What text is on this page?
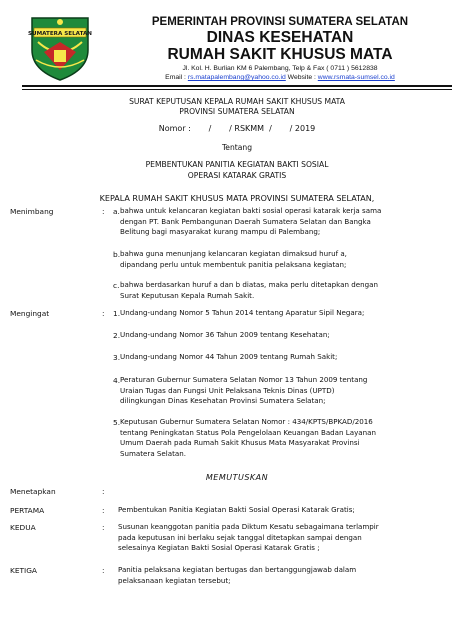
SUMATERA SELATAN
PEMERINTAH PROVINSI SUMATERA SELATAN
DINAS KESEHATAN
RUMAH SAKIT KHUSUS MATA
Jl. Kol. H. Burlian KM 6 Palembang, Telp & Fax ( 0711 ) 5612838
Email : rs.matapalembang@yahoo.co.id Website : www.rsmata-sumsel.co.id
SURAT KEPUTUSAN KEPALA RUMAH SAKIT KHUSUS MATA
PROVINSI SUMATERA SELATAN
Nomor :       /       / RSKMM  /       / 2019
Tentang
PEMBENTUKAN PANITIA KEGIATAN BAKTI SOSIAL
OPERASI KATARAK GRATIS
KEPALA RUMAH SAKIT KHUSUS MATA PROVINSI SUMATERA SELATAN,
Menimbang	: a. bahwa untuk kelancaran kegiatan bakti sosial operasi katarak kerja sama
dengan PT. Bank Pembangunan Daerah Sumatera Selatan dan Bangka
Belitung bagi masyarakat kurang mampu di Palembang;
b. bahwa guna menunjang kelancaran kegiatan dimaksud huruf a,
dipandang perlu untuk membentuk panitia pelaksana kegiatan;
c. bahwa berdasarkan huruf a dan b diatas, maka perlu ditetapkan dengan
Surat Keputusan Kepala Rumah Sakit.
Mengingat	: 1. Undang-undang Nomor 5 Tahun 2014 tentang Aparatur Sipil Negara;
2. Undang-undang Nomor 36 Tahun 2009 tentang Kesehatan;
3. Undang-undang Nomor 44 Tahun 2009 tentang Rumah Sakit;
4. Peraturan Gubernur Sumatera Selatan Nomor 13 Tahun 2009 tentang
Uraian Tugas dan Fungsi Unit Pelaksana Teknis Dinas (UPTD)
dilingkungan Dinas Kesehatan Provinsi Sumatera Selatan;
5. Keputusan Gubernur Sumatera Selatan Nomor : 434/KPTS/BPKAD/2016
tentang Peningkatan Status Pola Pengelolaan Keuangan Badan Layanan
Umum Daerah pada Rumah Sakit Khusus Mata Masyarakat Provinsi
Sumatera Selatan.
MEMUTUSKAN
Menetapkan	:
PERTAMA	: Pembentukan Panitia Kegiatan Bakti Sosial Operasi Katarak Gratis;
KEDUA	: Susunan keanggotan panitia pada Diktum Kesatu sebagaimana terlampir
pada keputusan ini berlaku sejak tanggal ditetapkan sampai dengan
selesainya Kegiatan Bakti Sosial Operasi Katarak Gratis ;
KETIGA	: Panitia pelaksana kegiatan bertugas dan bertanggungjawab dalam
pelaksanaan kegiatan tersebut;
